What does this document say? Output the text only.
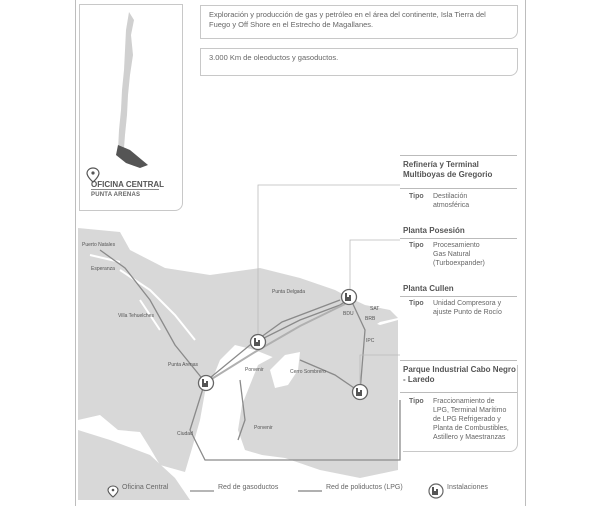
Exploración y producción de gas y petróleo en el área del continente, Isla Tierra del Fuego y Off Shore en el Estrecho de Magallanes.
3.000 Km de oleoductos y gasoductos.
OFICINA CENTRAL
PUNTA ARENAS
Puerto Natales
Esperanza
Villa Tehuelches
Punta Delgada
Punta Arenas
Porvenir	Cerro Sombrero
BDU
SAT
BRB
IPC
Ciudad
Porvenir
Refinería y Terminal Multiboyas de Gregorio
Tipo Destilación
atmosférica
Planta Posesión
Tipo Procesamiento
Gas Natural
(Turboexpander)
Planta Cullen
Tipo Unidad Compresora y
ajuste Punto de Rocío
Parque Industrial Cabo Negro - Laredo
Tipo Fraccionamiento de
LPG, Terminal Marítimo
de LPG Refrigerado y
Planta de Combustibles,
Astillero y Maestranzas
Oficina Central	Red de gasoductos	Red de poliductos (LPG)	Instalaciones
